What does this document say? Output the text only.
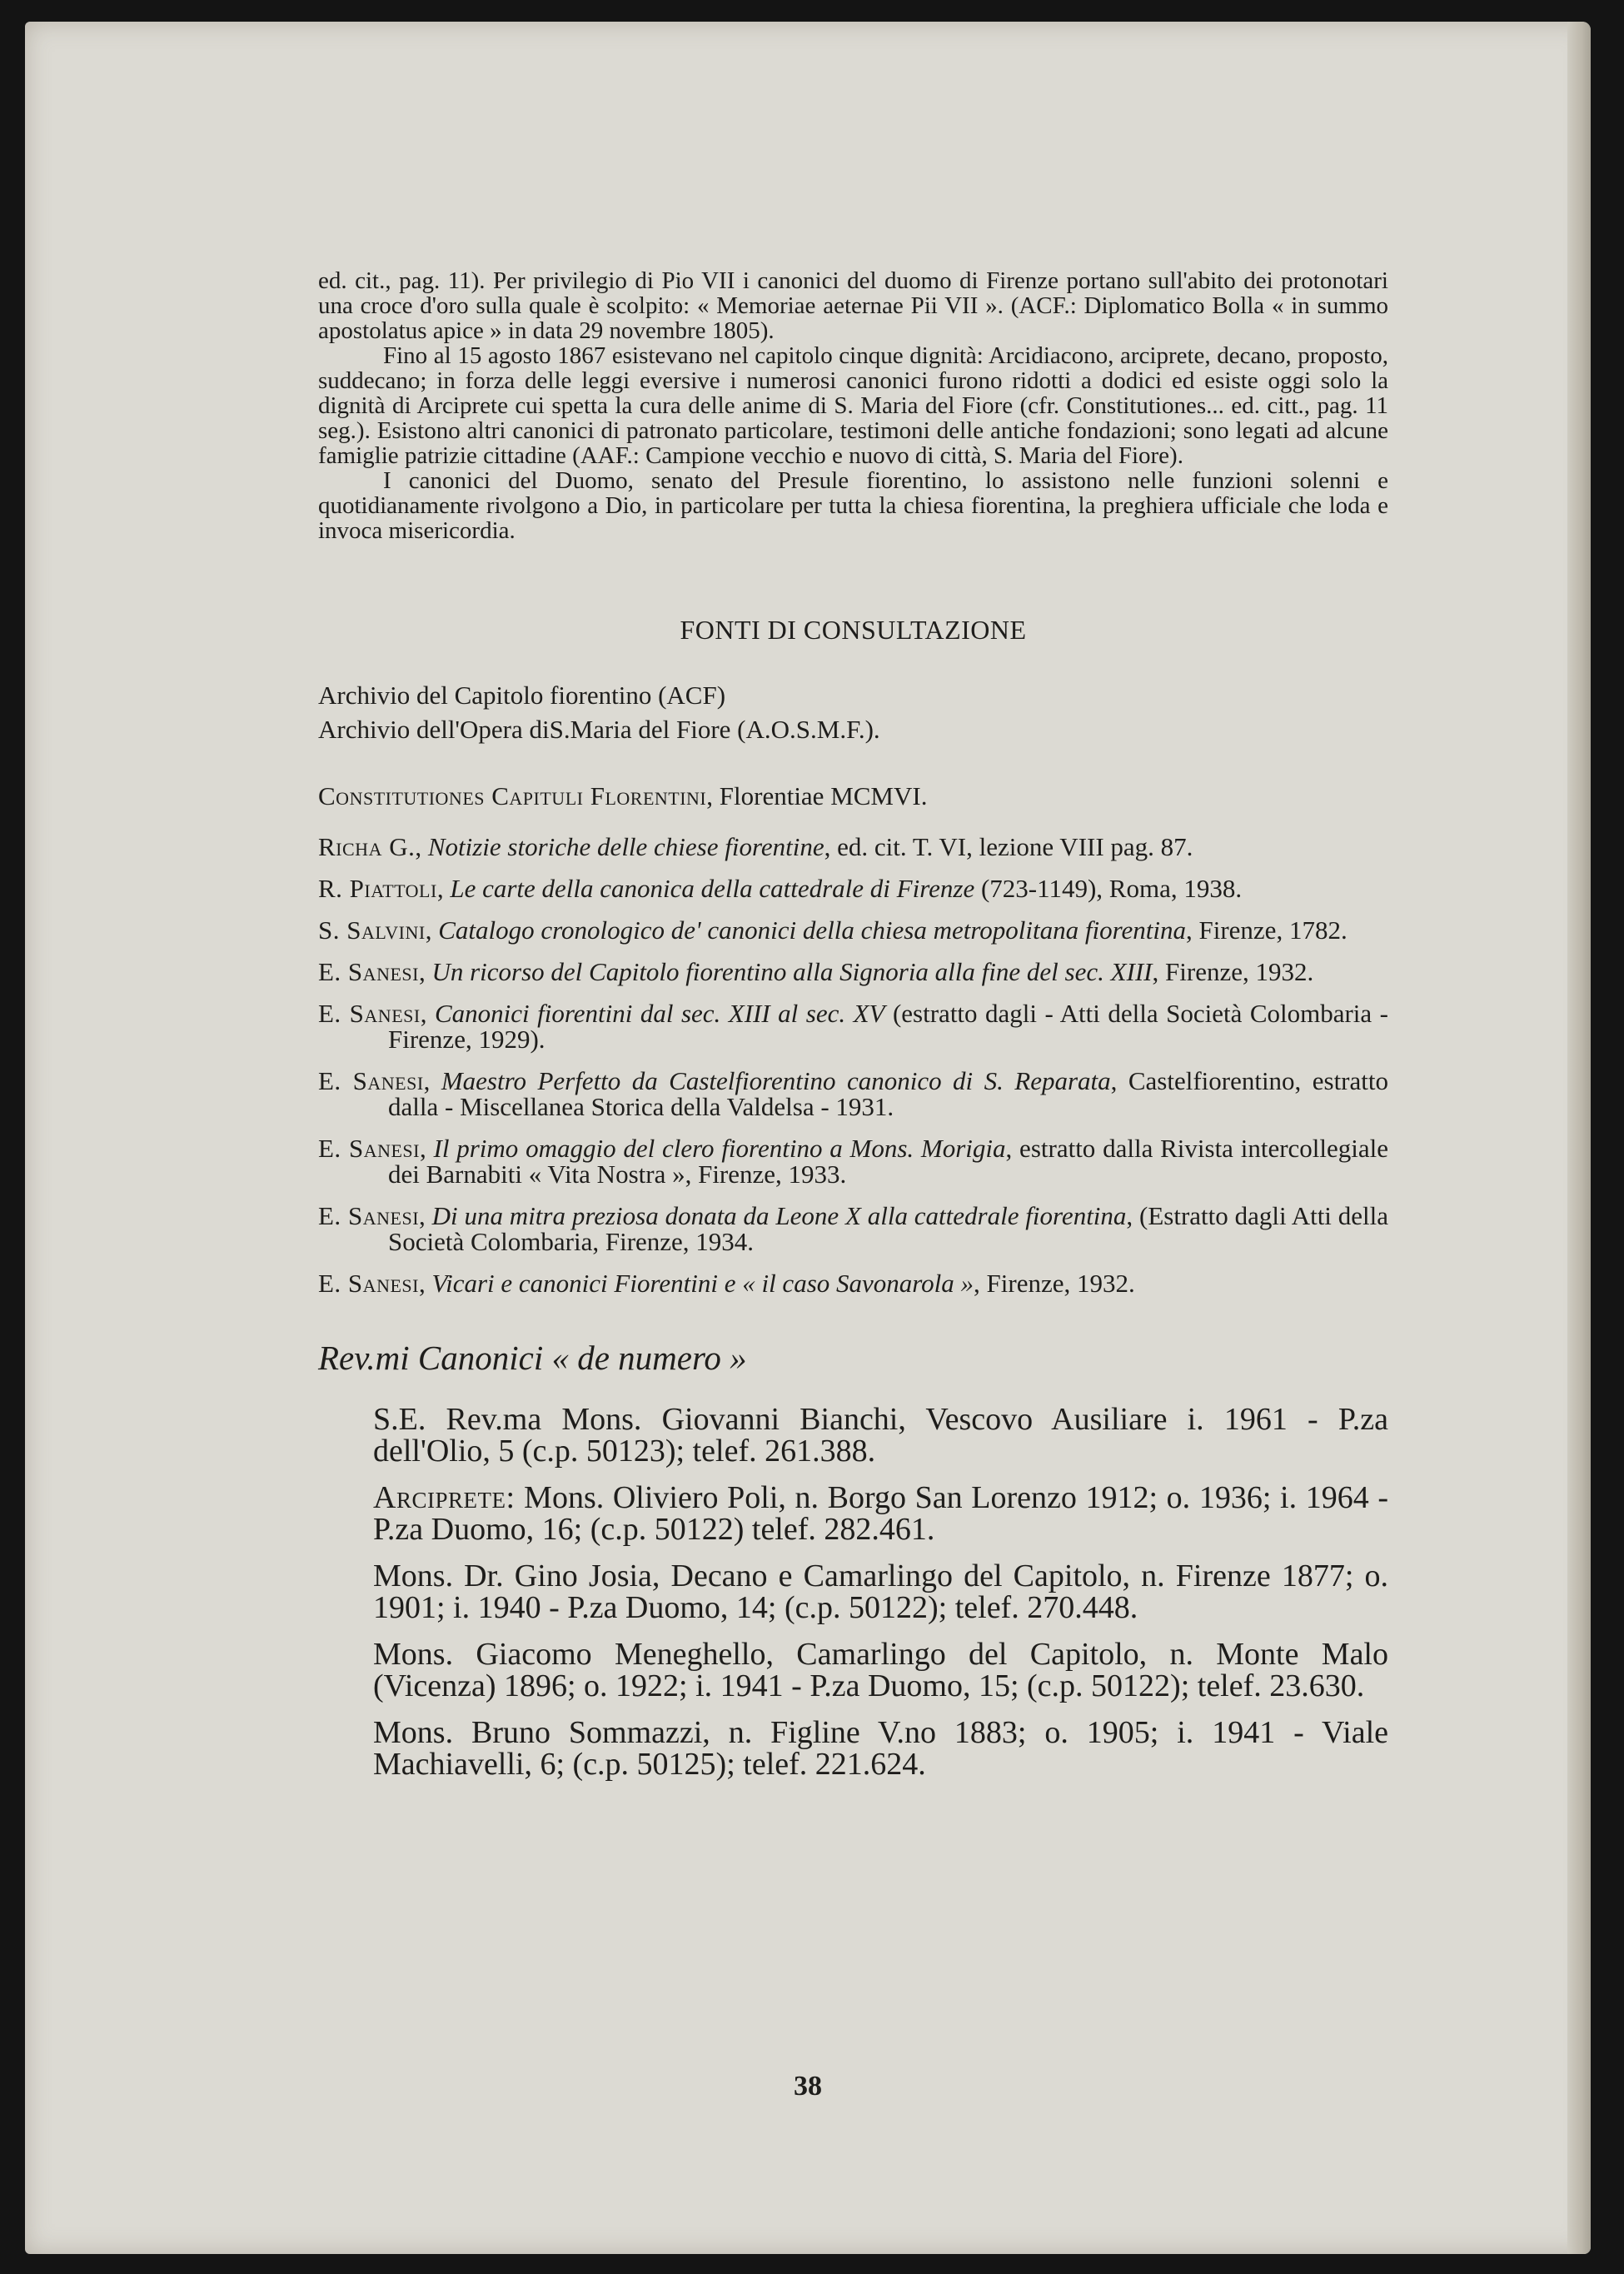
ed. cit., pag. 11). Per privilegio di Pio VII i canonici del duomo di Firenze portano sull'abito dei protonotari una croce d'oro sulla quale è scolpito: « Memoriae aeternae Pii VII ». (ACF.: Diplomatico Bolla « in summo apostolatus apice » in data 29 novembre 1805).

Fino al 15 agosto 1867 esistevano nel capitolo cinque dignità: Arcidiacono, arciprete, decano, proposto, suddecano; in forza delle leggi eversive i numerosi canonici furono ridotti a dodici ed esiste oggi solo la dignità di Arciprete cui spetta la cura delle anime di S. Maria del Fiore (cfr. Constitutiones... ed. citt., pag. 11 seg.). Esistono altri canonici di patronato particolare, testimoni delle antiche fondazioni; sono legati ad alcune famiglie patrizie cittadine (AAF.: Campione vecchio e nuovo di città, S. Maria del Fiore).

I canonici del Duomo, senato del Presule fiorentino, lo assistono nelle funzioni solenni e quotidianamente rivolgono a Dio, in particolare per tutta la chiesa fiorentina, la preghiera ufficiale che loda e invoca misericordia.

FONTI DI CONSULTAZIONE

Archivio del Capitolo fiorentino (ACF)

Archivio dell'Opera diS.Maria del Fiore (A.O.S.M.F.).

Constitutiones Capituli Florentini, Florentiae MCMVI.
Richa G., Notizie storiche delle chiese fiorentine, ed. cit. T. VI, lezione VIII pag. 87.
R. Piattoli, Le carte della canonica della cattedrale di Firenze (723-1149), Roma, 1938.
S. Salvini, Catalogo cronologico de' canonici della chiesa metropolitana fiorentina, Firenze, 1782.
E. Sanesi, Un ricorso del Capitolo fiorentino alla Signoria alla fine del sec. XIII, Firenze, 1932.
E. Sanesi, Canonici fiorentini dal sec. XIII al sec. XV (estratto dagli - Atti della Società Colombaria - Firenze, 1929).
E. Sanesi, Maestro Perfetto da Castelfiorentino canonico di S. Reparata, Castelfiorentino, estratto dalla - Miscellanea Storica della Valdelsa - 1931.
E. Sanesi, Il primo omaggio del clero fiorentino a Mons. Morigia, estratto dalla Rivista intercollegiale dei Barnabiti « Vita Nostra », Firenze, 1933.
E. Sanesi, Di una mitra preziosa donata da Leone X alla cattedrale fiorentina, (Estratto dagli Atti della Società Colombaria, Firenze, 1934.
E. Sanesi, Vicari e canonici Fiorentini e « il caso Savonarola », Firenze, 1932.
Rev.mi Canonici « de numero »
S.E. Rev.ma Mons. Giovanni Bianchi, Vescovo Ausiliare i. 1961 - P.za dell'Olio, 5 (c.p. 50123); telef. 261.388.
Arciprete: Mons. Oliviero Poli, n. Borgo San Lorenzo 1912; o. 1936; i. 1964 - P.za Duomo, 16; (c.p. 50122) telef. 282.461.
Mons. Dr. Gino Josia, Decano e Camarlingo del Capitolo, n. Firenze 1877; o. 1901; i. 1940 - P.za Duomo, 14; (c.p. 50122); telef. 270.448.
Mons. Giacomo Meneghello, Camarlingo del Capitolo, n. Monte Malo (Vicenza) 1896; o. 1922; i. 1941 - P.za Duomo, 15; (c.p. 50122); telef. 23.630.
Mons. Bruno Sommazzi, n. Figline V.no 1883; o. 1905; i. 1941 - Viale Machiavelli, 6; (c.p. 50125); telef. 221.624.
38
